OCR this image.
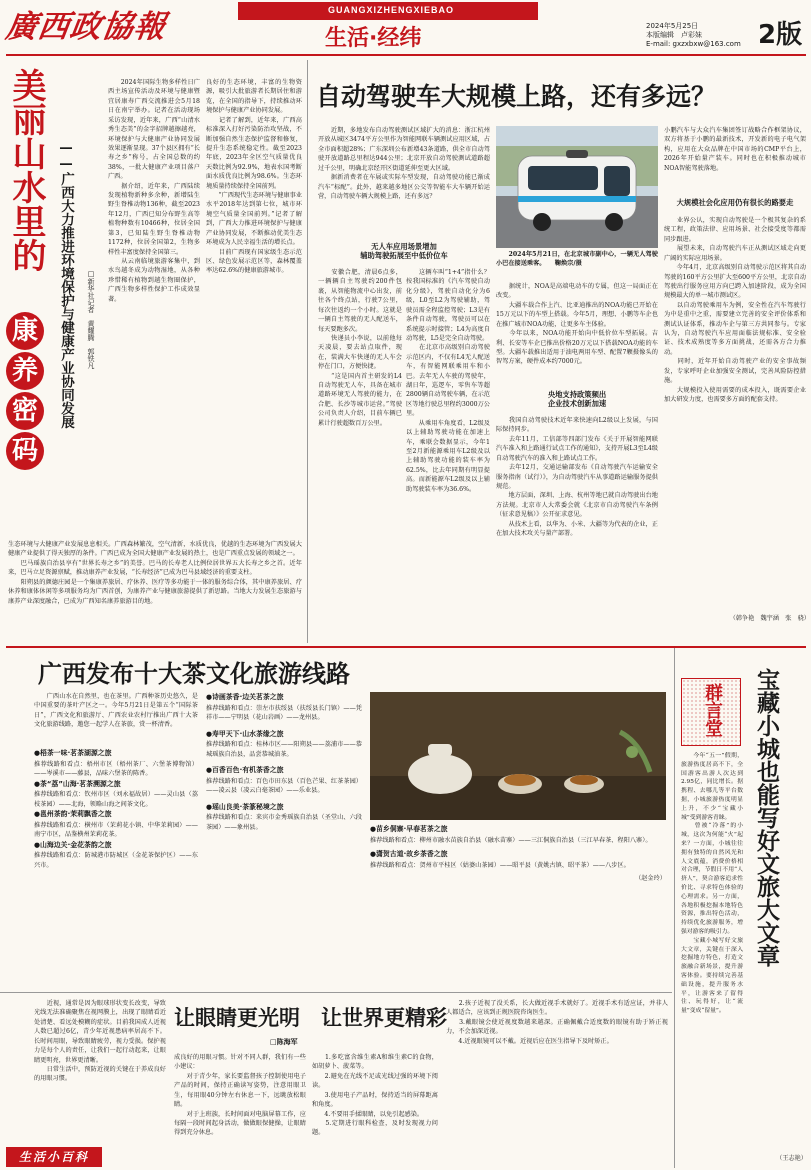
廣西政協報	GUANGXIZHENGXIEBAO
生活·经纬	2024年5月25日
本版编辑　卢彩妹
E-mail: gxzxbxw@163.com 2版
美丽山水里的
康
养
密
码
——广西大力推进环境保护与健康产业协同发展 □新华社记者　黄耀腾　郭铁凡
　　2024年国际生物多样性日广西主场宣传活动及环境与健康暨宜居康寿广西交流推进会5月18日在南宁举办。记者在活动现场采访发现，近年来，广西“山清水秀生态美”的金字招牌越擦越亮，环境保护与大健康产业协同发展效果逐渐显现。37个县区拥有“长寿之乡”称号，占全国总数的约38%，一批大健康产业项目落户广西。
　　据介绍，近年来，广西陆续发现植物新种多余种，新增陆生野生脊椎动物136种，截至2023年12月，广西已知分布野生高等植物种数有10466种，位居全国第3，已知陆生野生脊椎动物1172种，位居全国第2，生物多样性丰富度保持全国第三。
　　从云南临境旅游客集中，到水鸟越冬成为动物湿地，从各种珍惜稀有植物到越生物圈保护，广西生物多样性保护工作成效显著。
良好的生态环境，丰富的生物资源，吸引大批旅游者长期居住和游览，在全国的指导下，持续推动环境保护与健康产业协同发展。
　　记者了解到，近年来，广西高标准深入打好污染防治攻坚战，不断加强自然生态保护监督和修复，提升生态系统稳定性。截至2023年底，2023年全区空气质量优良天数比例为92.9%，地表水国考断面水质优良比例为98.6%。生态环境质量持续保持全国前列。
　　“广西现代生态环境与健康事业水平2018年达到第七位，城市环境空气质量全国前列。”记者了解到，广西大力推进环境保护与健康产业协同发展，不断推动优美生态环境成为人民幸福生活的增长点。
　　目前广西现有国家级生态示范区、绿色发展示范区等，森林覆盖率达62.6%的健康旅游城市。
生态环境与大健康产业发展息息相关。广西森林繁茂，空气清新，水质优良，优越的生态环境为广西发展大健康产业提供了得天独厚的条件。广西已成为全国大健康产业发展的热土，也是广西重点发展的领域之一。
　　巴马瑶族自治县享有“世界长寿之乡”的美誉。巴马的长寿老人比例位居世界五大长寿之乡之首。近年来，巴马立足资源禀赋，推动康养产业发展，“长寿经济”已成为巴马县域经济的重要支柱。
　　阳朔县的颜德庄园是一个集康养旅居、疗休养、医疗等多功能于一体的服务综合体，其中康养旅居、疗休养和康体休闲等多项服务均为广西首创，为康养产业与健康旅游提供了新思路。当地大力发展生态旅游与康养产业深度融合，已成为广西知名康养旅游目的地。
自动驾驶车大规模上路，还有多远？
　　近期，多地发布自动驾驶测试区域扩大的消息：浙江杭州开放从城区3474平方公里作为智能网联车辆测试应用区域，占全市面积超28%；广东深圳公布新增43条道路，供全市自动驾驶开放道路总里程达944公里；北京开放自动驾驶测试道路超过千公里，明确北京经开区街道延伸至更大区域。
　　据新消费者在车展或实际车型发现，自动驾驶功能已渐成汽车“标配”。此外，越来越多地区公交等智能车大车辆开始运营，自动驾驶车辆大规模上路，还有多远？
无人车应用场景增加
辅助驾驶拓展至中低价位车
　　安徽合肥，清晨6点多，一辆辆自主驾驶约200件包裹，从智能物流中心出发，前往各个终点站，行驶7公里，每次往返约一个小时。这就是一辆自主驾驶的无人配送车，每天要跑多次。
　　快递员小李说，以前他每天凌晨，要去站点取件，现在，装满大车快递的无人车会停在门口，方便快捷。
　　“这是国内首主研发的L4自动驾驶无人车，具备在城市道路环境无人驾驶的能力，在合肥、长沙等城市运营。”驾驶公司负责人介绍，目前车辆已累计行驶超数百万公里。
　　这辆车叫“1+4”指什么？按我国标准的《汽车驾驶自动化分级》，驾驶自动化分为6级，L0至L2为驾驶辅助，驾驶员需全程监控驾驶；L3是有条件自动驾驶，驾驶员可以在系统提示时接管；L4为高度自动驾驶，L5是完全自动驾驶。
　　在北京市高级别自动驾驶示范区内，不仅有L4无人配送车，有智能网联乘用车和小巴。去年无人车驶的驾驶年，湖日年，巡逻车，零售车等超2800辆自动驾驶车辆，在示范区等地行驶总里程约3000万公里。
　　从乘用车角度看，L2级及以上辅助驾驶功能在加速上车，乘联会数据显示，今年1至2月新能源乘用车L2级及以上辅助驾驶功能的装车率为62.5%，比去年同期有明显提高。而新能源车L2级及以上辅助驾驶装车率为36.6%。
　　2024年5月21日，在北京城市副中心，一辆无人驾驶小巴在接送乘客。　　鞠焕宗/摄
　　据统计，NOA是高端电动车的专属，但这一局面正在改变。
　　大疆车载合作上汽、比亚迪推出的NOA功能已开始在15万元以下的车型上搭载。今年5月，理想、小鹏等车企也在推广城市NOA功能，让更多车主体验。
　　今年以来，NOA功能开始向中低价位车型拓展。吉利、长安等车企已推出价格20万元以下搭载NOA功能的车型。大疆车载推出适用于油电两用车型、配置7颗摄像头的智驾方案，硬件成本约7000元。
央地支持政策频出
企业技术创新加速
　　我国自动驾驶技术近年来快速向L2级以上发展，与国际保持同步。
　　去年11月，工信部等四部门发布《关于开展智能网联汽车准入和上路通行试点工作的通知》，支持开展L3至L4级自动驾驶汽车的准入和上路试点工作。
　　去年12月，交通运输部发布《自动驾驶汽车运输安全服务指南（试行）》，为自动驾驶汽车从事道路运输服务提供规范。
　　地方层面，深圳、上海、杭州等地已就自动驾驶出台地方法规。北京市人大常委会就《北京市自动驾驶汽车条例（征求意见稿）》公开征求意见。
　　从技术上看，以华为、小米、大疆等为代表的企业，正在加大技术攻关与量产部署。
小鹏汽车与大众汽车集团签订战略合作框架协议，双方将基于小鹏的最新技术，开发新的电子电气架构，应用在大众品牌在中国市场的CMP平台上，2026年开始量产装车。同时也在积极推动城市NOA智能驾驶落地。
大规模社会化应用仍有很长的路要走
　　业界公认，实现自动驾驶是一个极其复杂的系统工程，政策法律、应用场景、社会接受度等都需同步跟进。
　　展望未来，自动驾驶汽车正从测试区域走向更广阔的实际应用场景。
　　今年4月，北京高级别自动驾驶示范区将其自动驾驶的160平方公里扩大至600平方公里，北京自动驾驶出行服务应用方向已跨入加速阶段，成为全国规模最大的单一城市测试区。
　　以自动驾驶乘用车为例，安全性在汽车驾驶行为中是重中之重，需要建立完善的安全评价体系和测试认证体系，推动车企与第三方共同参与。专家认为，自动驾驶汽车应用面临法规标准、安全验证、技术成熟度等多方面挑战，还需各方合力推动。
　　同时，近年开始自动驾驶产业的安全事故频发，专家呼吁企业加强安全测试，完善风险防控措施。
　　大规模投入使用需要的成本投入，既需要企业加大研发力度，也需要多方面的配套支持。
（韩争艳　魏宇涵　张　骁）
广西发布十大茶文化旅游线路
　　广西山水在自然里，也在茶里。广西种茶历史悠久，是中国重要的茶叶产区之一。今年5月21日是第五个“国际茶日”，广西文化和旅游厅、广西农业农村厅推出广西十大茶文化旅游线路，邀您一起学人在茶旅，赏一杯清香。
●梧茶一味·茗茶湖源之旅
推荐线路和看点：梧州市区（梧州茶厂、六堡茶博物馆）——岑溪市——藤县，品味六堡茶的陈香。
●茶“荔”山海·茗茶溯源之旅
推荐线路和看点：钦州市区（刘永福故居）——灵山县（荔枝茶园）——北海，领略山海之间茶文化。
●邕州茶韵·茉莉飘香之旅
推荐线路和看点：横州市（茉莉花小镇、中华茉莉园）——南宁市区，品鉴横州茉莉花茶。
●山海边关·金花茶韵之旅
推荐线路和看点：防城港市防城区（金花茶保护区）——东兴市。
●诗画茶香·边关茗茶之旅
推荐线路和看点：崇左市扶绥县（扶绥县长门镇）——凭祥市——宁明县（花山岩画）——龙州县。
●寿甲天下·山水茶缘之旅
推荐线路和看点：桂林市区——阳朔县——荔浦市——恭城瑶族自治县，品尝恭城油茶。
●百香百色·有机茶香之旅
推荐线路和看点：百色市田东县（百色芒果、红茶茶园）——凌云县（凌云白毫茶园）——乐业县。
●瑶山良美·茶篆秘境之旅
推荐线路和看点：来宾市金秀瑶族自治县（圣堂山、六段茶园）——象州县。	●苗乡侗寨·早春茗茶之旅
推荐线路和看点：柳州市融水苗族自治县（融水苗寨）——三江侗族自治县（三江早春茶、程阳八寨）。
●潇贺古道·故乡茶香之旅
推荐线路和看点：贺州市平桂区（姑婆山茶园）——昭平县（黄姚古镇、昭平茶）——八步区。
（赵金玲）
群言堂 宝藏小城也能写好文旅大文章
　　今年“五一”假期，旅游热度居高不下，全国游客出游人次达到2.95亿，同比增长。据携程、去哪儿等平台数据，小城旅游热度明显上升，不少“宝藏小城”受到游客青睐。
　　曾被“冷落”的小城，这次为何能“火”起来？一方面，小城往往拥有独特的自然风光和人文底蕴，消费价格相对合理，节假日不用“人挤人”，契合游客追求性价比、寻求特色体验的心理需求。另一方面，各地积极挖掘本地特色资源，推出特色活动，持续优化旅游服务，增强对游客的吸引力。
　　宝藏小城写好文旅大文章，关键在于深入挖掘地方特色，打造文旅融合新场景，提升游客体验。要持续完善基础设施，提升服务水平，让游客来了留得住、玩得好，让“流量”变成“留量”。
（王志艳）
　　近视，通常是因为眼球形状变长改变，导致光线无法准确聚焦在视网膜上，出现了眼睛看近处清楚、看远处模糊的症状。目前我国成人近视人数已超过6亿，青少年近视患病率居高不下。长时间用眼，导致眼睛疲劳，视力受损。保护视力是每个人的责任，让我们一起行动起来，让眼睛更明亮，世界更清晰。
　　日常生活中，预防近视的关键在于养成良好的用眼习惯。
让眼睛更光明　让世界更精彩
□陈海军
成良好的用眼习惯。针对不同人群，我们有一些小建议：
　　对于青少年，家长要监督孩子控制使用电子产品的时间，保持正确读写姿势，注意用眼卫生，每用眼40分钟左右休息一下，远眺放松眼睛。
　　对于上班族，长时间面对电脑屏幕工作，应每隔一段时间起身活动，做做眼保健操，让眼睛得到充分休息。
　　1.多吃富含维生素A和维生素C的食物，如胡萝卜、菠菜等。
　　2.避免在光线不足或光线过强的环境下阅读。
　　3.使用电子产品时，保持适当的屏幕距离和角度。
　　4.不要用手揉眼睛，以免引起感染。
　　5.定期进行眼科检查，及时发现视力问题。
　　2.孩子近视了没关系，长大做近视手术就好了。近视手术有适应证，并非人人都适合，应该到正规医院咨询医生。
　　3.戴眼镜会使近视度数越来越深。正确佩戴合适度数的眼镜有助于矫正视力，不会加深近视。
　　4.近视眼镜可以不戴。近视后应在医生指导下及时矫正。
生活小百科
